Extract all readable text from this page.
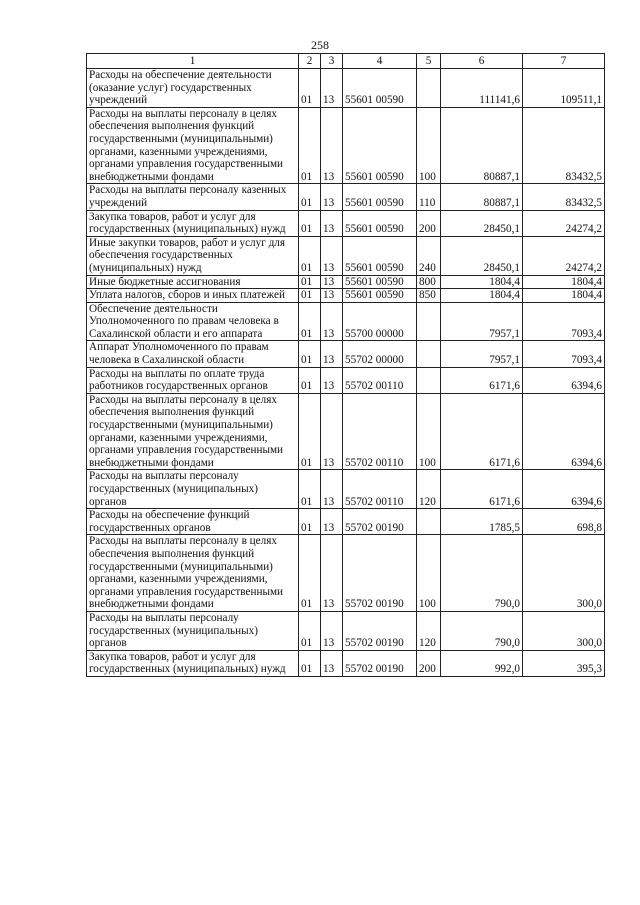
258
1	2	3	4	5	6	7
Расходы на обеспечение деятельности (оказание услуг) государственных учреждений	01	13	55601 00590		111141,6	109511,1
Расходы на выплаты персоналу в целях обеспечения выполнения функций государственными (муниципальными) органами, казенными учреждениями, органами управления государственными внебюджетными фондами	01	13	55601 00590	100	80887,1	83432,5
Расходы на выплаты персоналу казенных учреждений	01	13	55601 00590	110	80887,1	83432,5
Закупка товаров, работ и услуг для государственных (муниципальных) нужд	01	13	55601 00590	200	28450,1	24274,2
Иные закупки товаров, работ и услуг для обеспечения государственных (муниципальных) нужд	01	13	55601 00590	240	28450,1	24274,2
Иные бюджетные ассигнования	01	13	55601 00590	800	1804,4	1804,4
Уплата налогов, сборов и иных платежей	01	13	55601 00590	850	1804,4	1804,4
Обеспечение деятельности Уполномоченного по правам человека в Сахалинской области и его аппарата	01	13	55700 00000		7957,1	7093,4
Аппарат Уполномоченного по правам человека в Сахалинской области	01	13	55702 00000		7957,1	7093,4
Расходы на выплаты по оплате труда работников государственных органов	01	13	55702 00110		6171,6	6394,6
Расходы на выплаты персоналу в целях обеспечения выполнения функций государственными (муниципальными) органами, казенными учреждениями, органами управления государственными внебюджетными фондами	01	13	55702 00110	100	6171,6	6394,6
Расходы на выплаты персоналу государственных (муниципальных) органов	01	13	55702 00110	120	6171,6	6394,6
Расходы на обеспечение функций государственных органов	01	13	55702 00190		1785,5	698,8
Расходы на выплаты персоналу в целях обеспечения выполнения функций государственными (муниципальными) органами, казенными учреждениями, органами управления государственными внебюджетными фондами	01	13	55702 00190	100	790,0	300,0
Расходы на выплаты персоналу государственных (муниципальных) органов	01	13	55702 00190	120	790,0	300,0
Закупка товаров, работ и услуг для государственных (муниципальных) нужд	01	13	55702 00190	200	992,0	395,3
